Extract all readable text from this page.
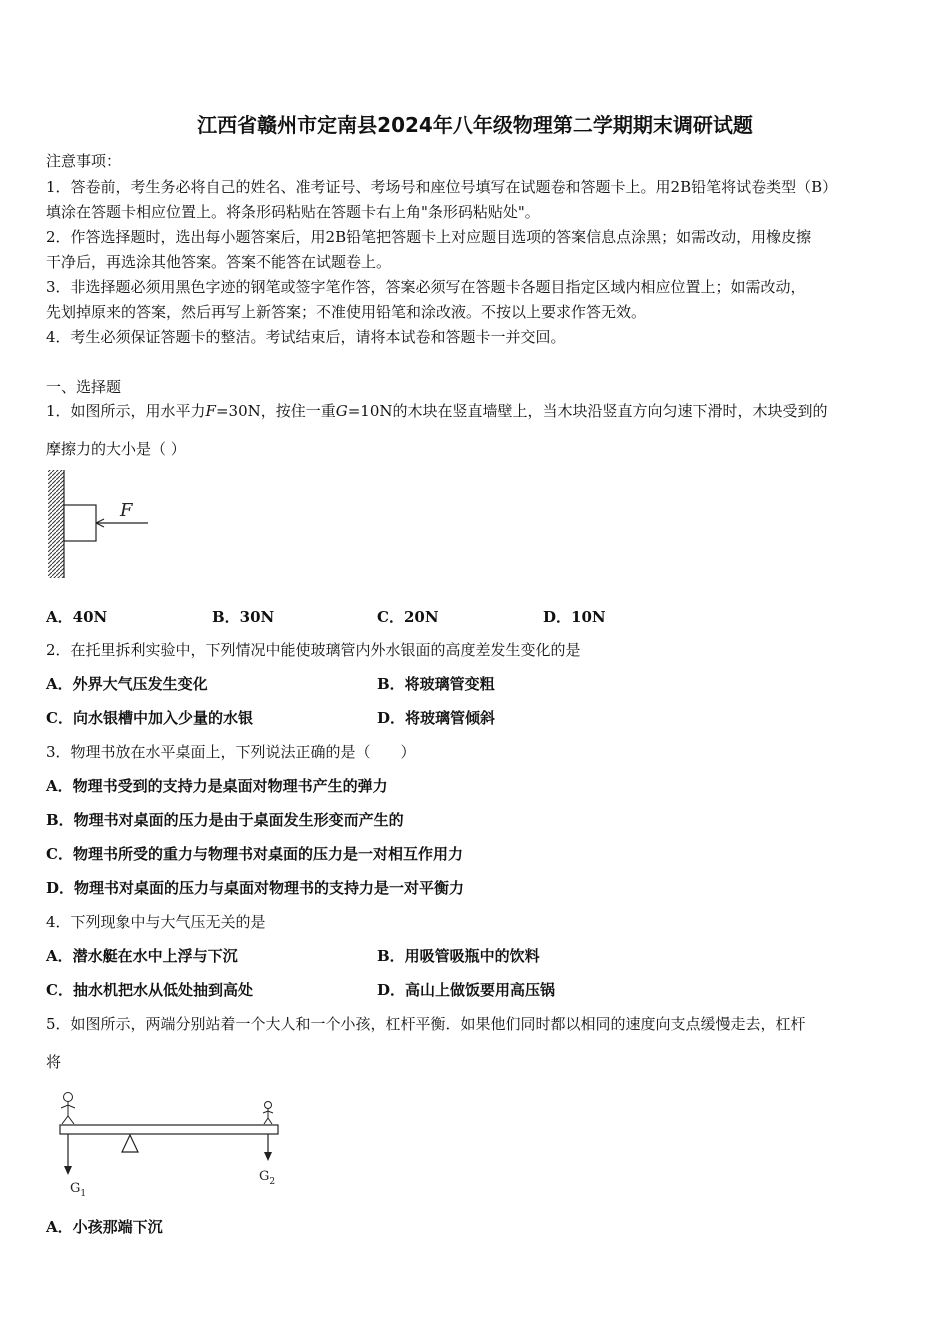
江西省赣州市定南县2024年八年级物理第二学期期末调研试题
注意事项：
1．答卷前，考生务必将自己的姓名、准考证号、考场号和座位号填写在试题卷和答题卡上。用2B铅笔将试卷类型（B）
填涂在答题卡相应位置上。将条形码粘贴在答题卡右上角"条形码粘贴处"。
2．作答选择题时，选出每小题答案后，用2B铅笔把答题卡上对应题目选项的答案信息点涂黑；如需改动，用橡皮擦
干净后，再选涂其他答案。答案不能答在试题卷上。
3．非选择题必须用黑色字迹的钢笔或签字笔作答，答案必须写在答题卡各题目指定区域内相应位置上；如需改动，
先划掉原来的答案，然后再写上新答案；不准使用铅笔和涂改液。不按以上要求作答无效。
4．考生必须保证答题卡的整洁。考试结束后，请将本试卷和答题卡一并交回。
一、选择题
1．如图所示，用水平力F=30N，按住一重G=10N的木块在竖直墙壁上，当木块沿竖直方向匀速下滑时，木块受到的
摩擦力的大小是（ ）
F
A．40N	B．30N	C．20N	D．10N
2．在托里拆利实验中，下列情况中能使玻璃管内外水银面的高度差发生变化的是
A．外界大气压发生变化	B．将玻璃管变粗
C．向水银槽中加入少量的水银	D．将玻璃管倾斜
3．物理书放在水平桌面上，下列说法正确的是（　　）
A．物理书受到的支持力是桌面对物理书产生的弹力
B．物理书对桌面的压力是由于桌面发生形变而产生的
C．物理书所受的重力与物理书对桌面的压力是一对相互作用力
D．物理书对桌面的压力与桌面对物理书的支持力是一对平衡力
4．下列现象中与大气压无关的是
A．潜水艇在水中上浮与下沉	B．用吸管吸瓶中的饮料
C．抽水机把水从低处抽到高处	D．高山上做饭要用高压锅
5．如图所示，两端分别站着一个大人和一个小孩，杠杆平衡．如果他们同时都以相同的速度向支点缓慢走去，杠杆
将
$G_1$
$G_2$
A．小孩那端下沉
